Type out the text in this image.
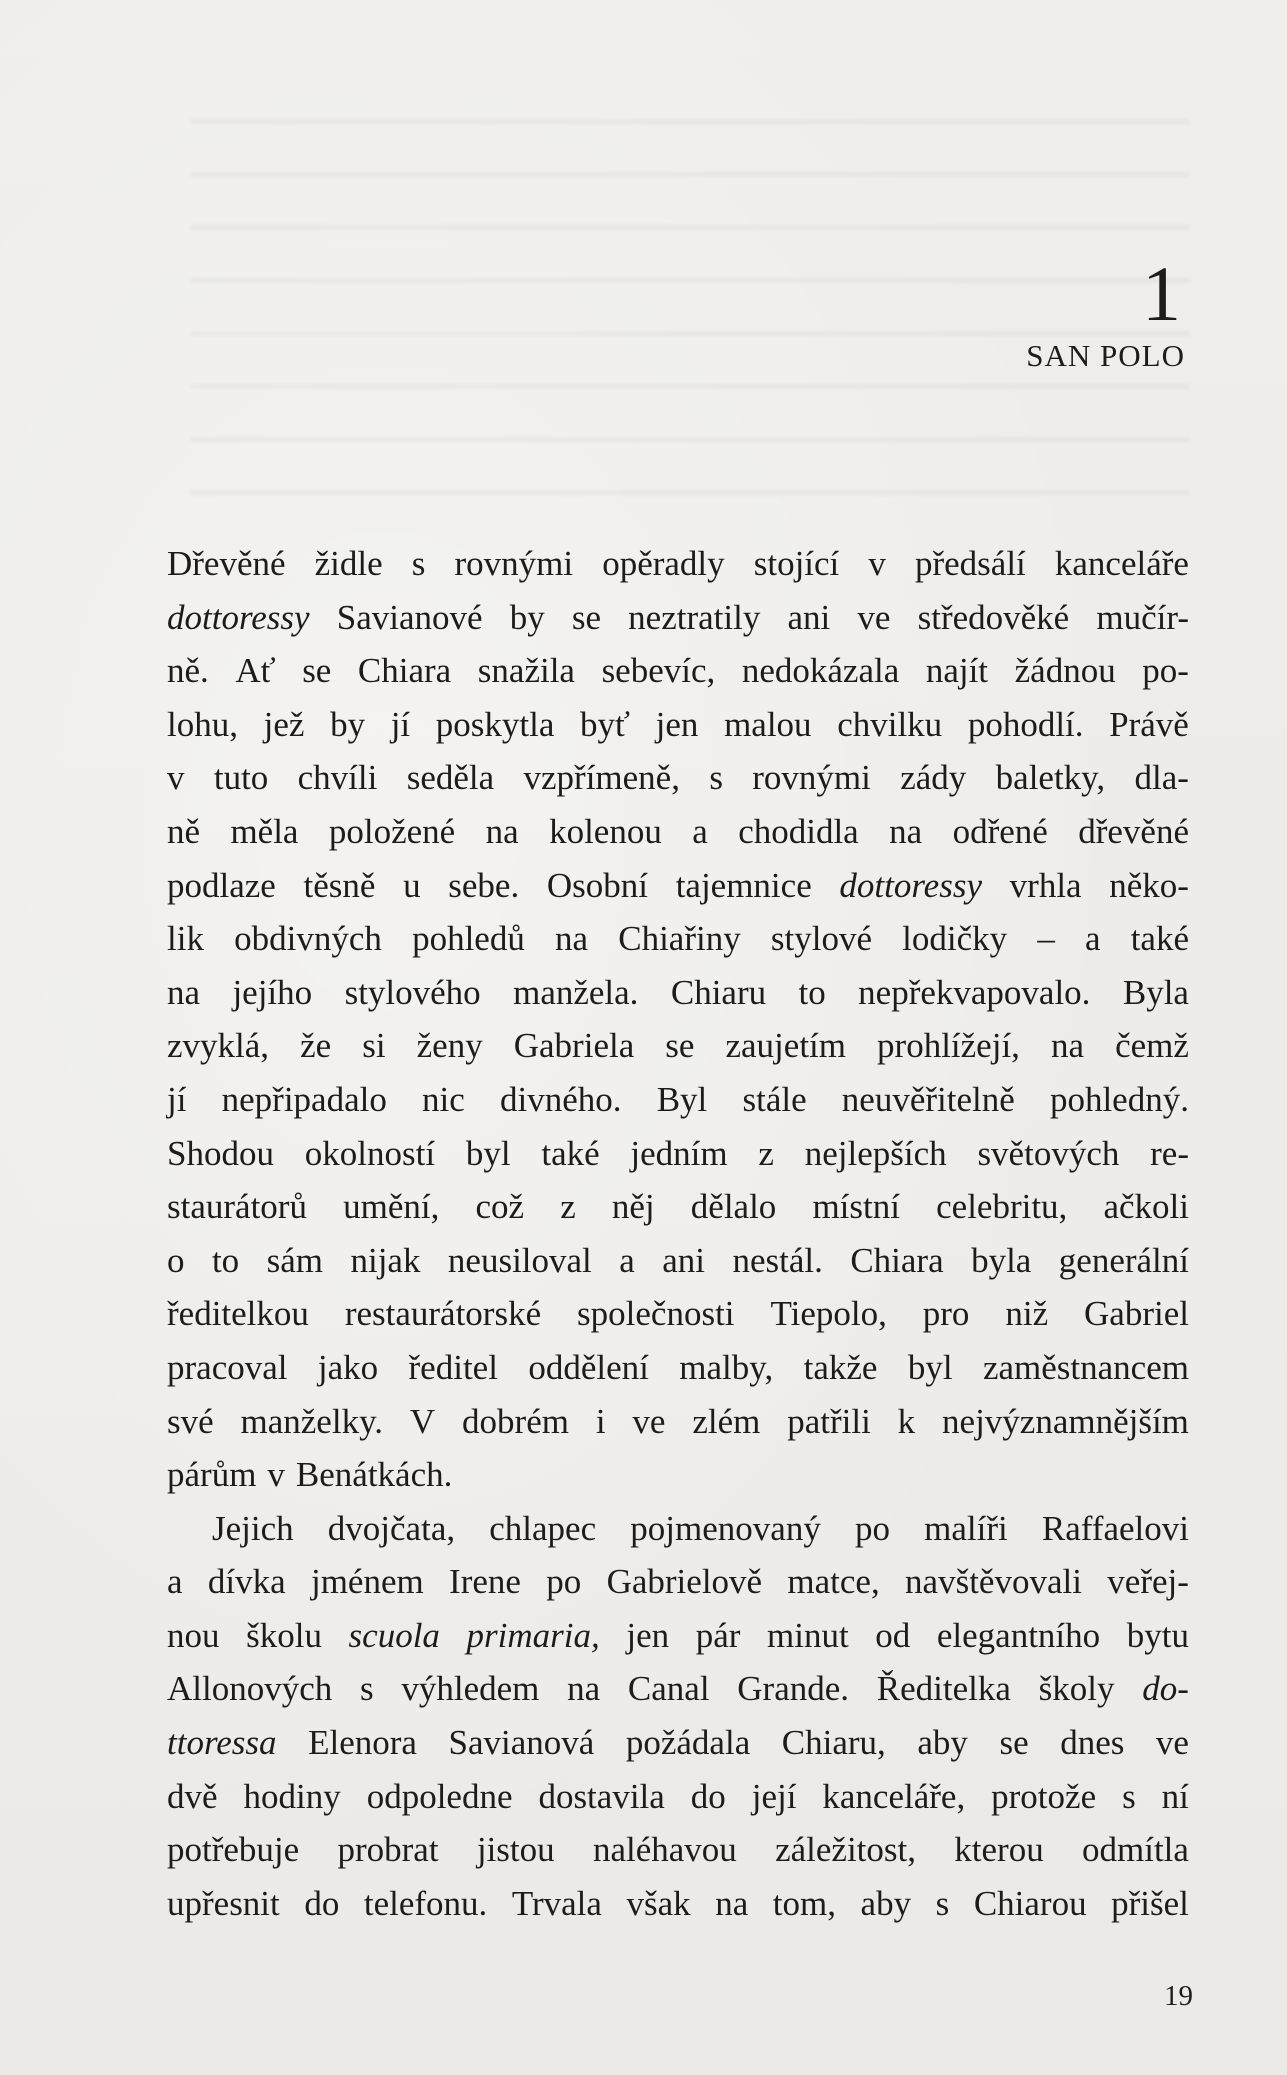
1
SAN POLO
Dřevěné židle s rovnými opěradly stojící v předsálí kanceláře
dottoressy Savianové by se neztratily ani ve středověké mučír-
ně. Ať se Chiara snažila sebevíc, nedokázala najít žádnou po-
lohu, jež by jí poskytla byť jen malou chvilku pohodlí. Právě
v tuto chvíli seděla vzpřímeně, s rovnými zády baletky, dla-
ně měla položené na kolenou a chodidla na odřené dřevěné
podlaze těsně u sebe. Osobní tajemnice dottoressy vrhla něko-
lik obdivných pohledů na Chiařiny stylové lodičky – a také
na jejího stylového manžela. Chiaru to nepřekvapovalo. Byla
zvyklá, že si ženy Gabriela se zaujetím prohlížejí, na čemž
jí nepřipadalo nic divného. Byl stále neuvěřitelně pohledný.
Shodou okolností byl také jedním z nejlepších světových re-
staurátorů umění, což z něj dělalo místní celebritu, ačkoli
o to sám nijak neusiloval a ani nestál. Chiara byla generální
ředitelkou restaurátorské společnosti Tiepolo, pro niž Gabriel
pracoval jako ředitel oddělení malby, takže byl zaměstnancem
své manželky. V dobrém i ve zlém patřili k nejvýznamnějším
párům v Benátkách.
Jejich dvojčata, chlapec pojmenovaný po malíři Raffaelovi
a dívka jménem Irene po Gabrielově matce, navštěvovali veřej-
nou školu scuola primaria, jen pár minut od elegantního bytu
Allonových s výhledem na Canal Grande. Ředitelka školy do-
ttoressa Elenora Savianová požádala Chiaru, aby se dnes ve
dvě hodiny odpoledne dostavila do její kanceláře, protože s ní
potřebuje probrat jistou naléhavou záležitost, kterou odmítla
upřesnit do telefonu. Trvala však na tom, aby s Chiarou přišel
19
